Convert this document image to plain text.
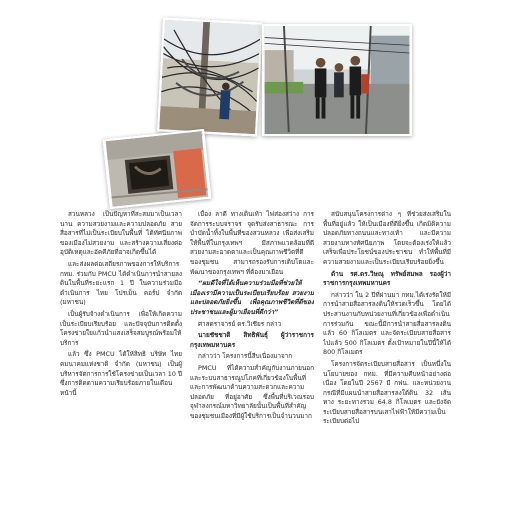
สวนหลวง เป็นปัญหาที่สะสมมาเป็นเวลานาน ความสวยงามและความปลอดภัย สายสื่อสารที่ไม่เป็นระเบียบในพื้นที่ ได้ทัศนียภาพของเมืองไม่สวยงาม และสร้างความเสี่ยงต่ออุบัติเหตุและอัคคีภัยที่อาจเกิดขึ้นได้

และส่งผลต่อเสถียรภาพของการให้บริการ กทม. ร่วมกับ PMCU ได้ดำเนินการนำสายลงดินในพื้นที่ระยะแรก 1 ปี ในความร่วมมือดำเนินการ ไทย โปรเม็น คอร์ป จำกัด (มหาชน)

เป็นผู้รับจ้างดำเนินการ เพื่อให้เกิดความเป็นระเบียบเรียบร้อย และปัจจุบันการติดตั้งโครงข่ายใยแก้วนำแสงเสร็จสมบูรณ์พร้อมให้บริการ

แล้ว ซึ่ง PMCU ได้ให้สิทธิ บริษัท ไทยคมนาคมแห่งชาติ จำกัด (มหาชน) เป็นผู้บริหารจัดการการใช้โครงข่ายเป็นเวลา 10 ปี ซึ่งการติดตามความเรียบร้อยภายในเดือนหน้านี้

เบื้อง ลาดี ทางเดินเท้า ไฟส่องสว่าง การจัดการระบบจราจร จุดรับส่งสาธารณะ การบำบัดน้ำทิ้งในพื้นที่ของสวนหลวง เพื่อส่งเสริมให้พื้นที่ในกรุงเทพฯ มีสภาพแวดล้อมที่ดี สวยงามสะอาดตาและเป็นคุณภาพชีวิตที่ดีของชุมชน สามารถรองรับการเติบโตและพัฒนาของกรุงเทพฯ ที่ต้องมาเยือน

“ผมดีใจที่ได้เห็นความร่วมมือที่ช่วยให้เมืองเรามีความเป็นระเบียบเรียบร้อย สวยงามและปลอดภัยยิ่งขึ้น เพื่อคุณภาพชีวิตที่ดีของประชาชนและผู้มาเยือนที่ดีกว่า”

ศาสตราจารย์ ดร.วิเชียร กล่าว

นายชัชชาติ สิทธิพันธุ์ ผู้ว่าราชการกรุงเทพมหานคร

กล่าวว่า โครงการนี้สืบเนื่องมาจาก

PMCU ที่ได้ความสำคัญกับงานภายนอกและระบบสาธารณูปโภคที่เกี่ยวข้องในพื้นที่ และการพัฒนาด้านความสะดวกและความปลอดภัย ที่อยู่อาศัย ซึ่งพื้นที่บริเวณรอบจุฬาลงกรณ์มหาวิทยาลัยนั้นเป็นพื้นที่สำคัญ ของชุมชนเมืองที่มีผู้ใช้บริการเป็นจำนวนมาก

สนับสนุนโครงการต่าง ๆ ที่ช่วยส่งเสริมในพื้นที่อยู่แล้ว ให้เป็นเมืองที่ดียิ่งขึ้น เกิดมิติความปลอดภัยทางถนนและทางเท้า และมีความสวยงามทางทัศนียภาพ โดยจะต้องเร่งให้แล้วเสร็จเพื่อประโยชน์ของประชาชน ทำให้พื้นที่มีความสวยงามและเป็นระเบียบเรียบร้อยยิ่งขึ้น

ด้าน รศ.ดร.วิษณุ ทรัพย์สมพล รองผู้ว่าราชการกรุงเทพมหานคร

กล่าวว่า ใน 2 ปีที่ผ่านมา กทม.ได้เร่งรัดให้มีการนำสายสื่อสารลงดินให้รวดเร็วขึ้น โดยได้ประสานงานกับหน่วยงานที่เกี่ยวข้องเพื่อดำเนินการร่วมกัน ขณะนี้มีการนำสายสื่อสารลงดินแล้ว 60 กิโลเมตร และจัดระเบียบสายสื่อสารไปแล้ว 500 กิโลเมตร ตั้งเป้าหมายในปีนี้ให้ได้ 800 กิโลเมตร

โครงการจัดระเบียบสายสื่อสาร เป็นหนึ่งในนโยบายของ กทม. ที่มีความคืบหน้าอย่างต่อเนื่อง โดยในปี 2567 มี กฟน. และหน่วยงานกรณีที่มีแผนนำสายสื่อสารลงใต้ดิน 32 เส้นทาง ระยะทางรวม 64.8 กิโลเมตร และยังจัดระเบียบสายสื่อสารบนเสาไฟฟ้าให้มีความเป็นระเบียบต่อไป
